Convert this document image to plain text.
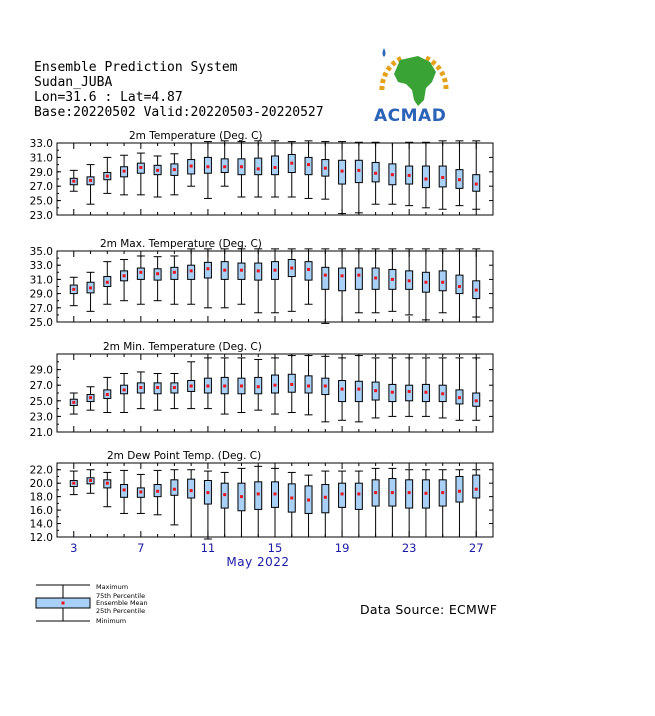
Ensemble Prediction System
Sudan_JUBA
Lon=31.6 : Lat=4.87
Base:20220502 Valid:20220503-20220527	ACMAD
2m Temperature (Deg. C)
33.0
31.0
29.0
27.0
25.0
23.0
2m Max. Temperature (Deg. C)
35.0
33.0
31.0
29.0
27.0
25.0
2m Min. Temperature (Deg. C)
29.0
27.0
25.0
23.0
21.0
2m Dew Point Temp. (Deg. C)
22.0
20.0
18.0
16.0
14.0
12.0
3	7	11	15	19	23	27
May 2022
Maximum
75th Percentile
Ensemble Mean
25th Percentile
Minimum
Data Source: ECMWF
